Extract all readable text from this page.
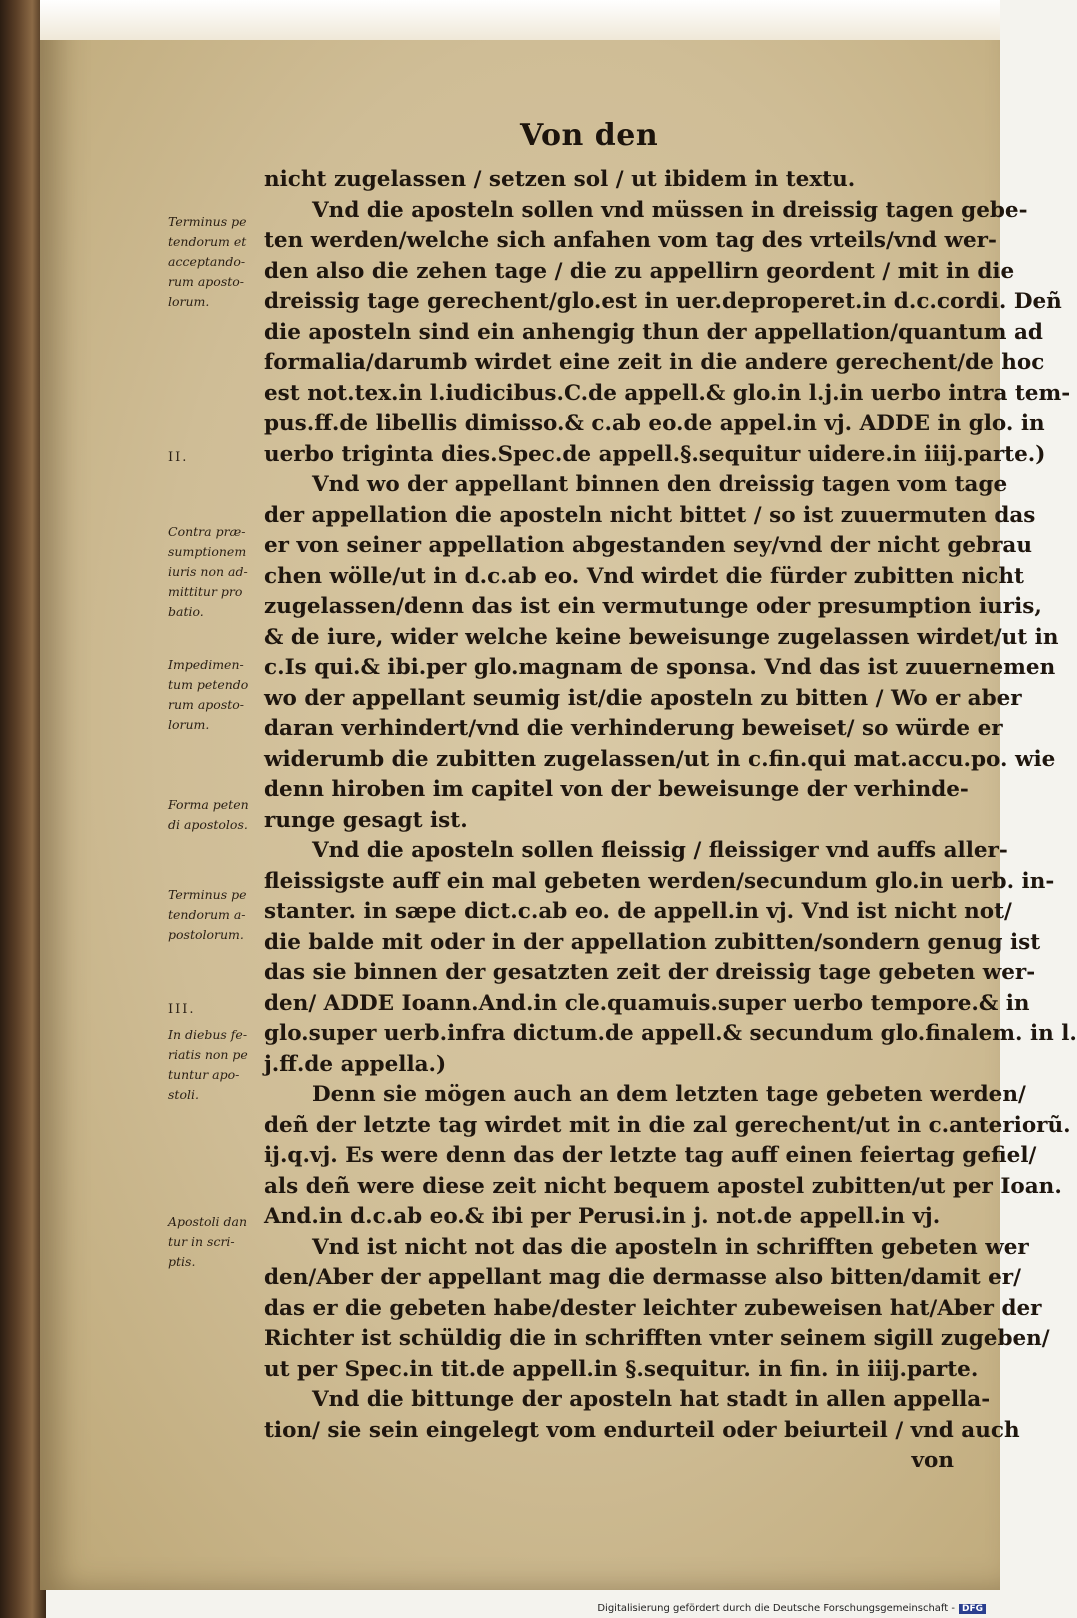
Von den
nicht zugelassen / setzen sol / ut ibidem in textu.
Vnd die aposteln sollen vnd müssen in dreissig tagen gebe-
ten werden/welche sich anfahen vom tag des vrteils/vnd wer-
den also die zehen tage / die zu appellirn geordent / mit in die
dreissig tage gerechent/glo.est in uer.deproperet.in d.c.cordi. Deñ
die aposteln sind ein anhengig thun der appellation/quantum ad
formalia/darumb wirdet eine zeit in die andere gerechent/de hoc
est not.tex.in l.iudicibus.C.de appell.& glo.in l.j.in uerbo intra tem-
pus.ff.de libellis dimisso.& c.ab eo.de appel.in vj. ADDE in glo. in
uerbo triginta dies.Spec.de appell.§.sequitur uidere.in iiij.parte.)
Vnd wo der appellant binnen den dreissig tagen vom tage
der appellation die aposteln nicht bittet / so ist zuuermuten das
er von seiner appellation abgestanden sey/vnd der nicht gebrau
chen wölle/ut in d.c.ab eo. Vnd wirdet die fürder zubitten nicht
zugelassen/denn das ist ein vermutunge oder presumption iuris,
& de iure, wider welche keine beweisunge zugelassen wirdet/ut in
c.Is qui.& ibi.per glo.magnam de sponsa. Vnd das ist zuuernemen
wo der appellant seumig ist/die aposteln zu bitten / Wo er aber
daran verhindert/vnd die verhinderung beweiset/ so würde er
widerumb die zubitten zugelassen/ut in c.fin.qui mat.accu.po. wie
denn hiroben im capitel von der beweisunge der verhinde-
runge gesagt ist.
Vnd die aposteln sollen fleissig / fleissiger vnd auffs aller-
fleissigste auff ein mal gebeten werden/secundum glo.in uerb. in-
stanter. in sæpe dict.c.ab eo. de appell.in vj. Vnd ist nicht not/
die balde mit oder in der appellation zubitten/sondern genug ist
das sie binnen der gesatzten zeit der dreissig tage gebeten wer-
den/ ADDE Ioann.And.in cle.quamuis.super uerbo tempore.& in
glo.super uerb.infra dictum.de appell.& secundum glo.finalem. in l.
j.ff.de appella.)
Denn sie mögen auch an dem letzten tage gebeten werden/
deñ der letzte tag wirdet mit in die zal gerechent/ut in c.anteriorũ.
ij.q.vj. Es were denn das der letzte tag auff einen feiertag gefiel/
als deñ were diese zeit nicht bequem apostel zubitten/ut per Ioan.
And.in d.c.ab eo.& ibi per Perusi.in j. not.de appell.in vj.
Vnd ist nicht not das die aposteln in schrifften gebeten wer
den/Aber der appellant mag die dermasse also bitten/damit er/
das er die gebeten habe/dester leichter zubeweisen hat/Aber der
Richter ist schüldig die in schrifften vnter seinem sigill zugeben/
ut per Spec.in tit.de appell.in §.sequitur. in fin. in iiij.parte.
Vnd die bittunge der aposteln hat stadt in allen appella-
tion/ sie sein eingelegt vom endurteil oder beiurteil / vnd auch
von
Terminus pe
tendorum et
acceptando-
rum aposto-
lorum.
II.
Contra præ-
sumptionem
iuris non ad-
mittitur pro
batio.
Impedimen-
tum petendo
rum aposto-
lorum.
Forma peten
di apostolos.
Terminus pe
tendorum a-
postolorum.
III.
In diebus fe-
riatis non pe
tuntur apo-
stoli.
Apostoli dan
tur in scri-
ptis.
Digitalisierung gefördert durch die Deutsche Forschungsgemeinschaft - DFG
